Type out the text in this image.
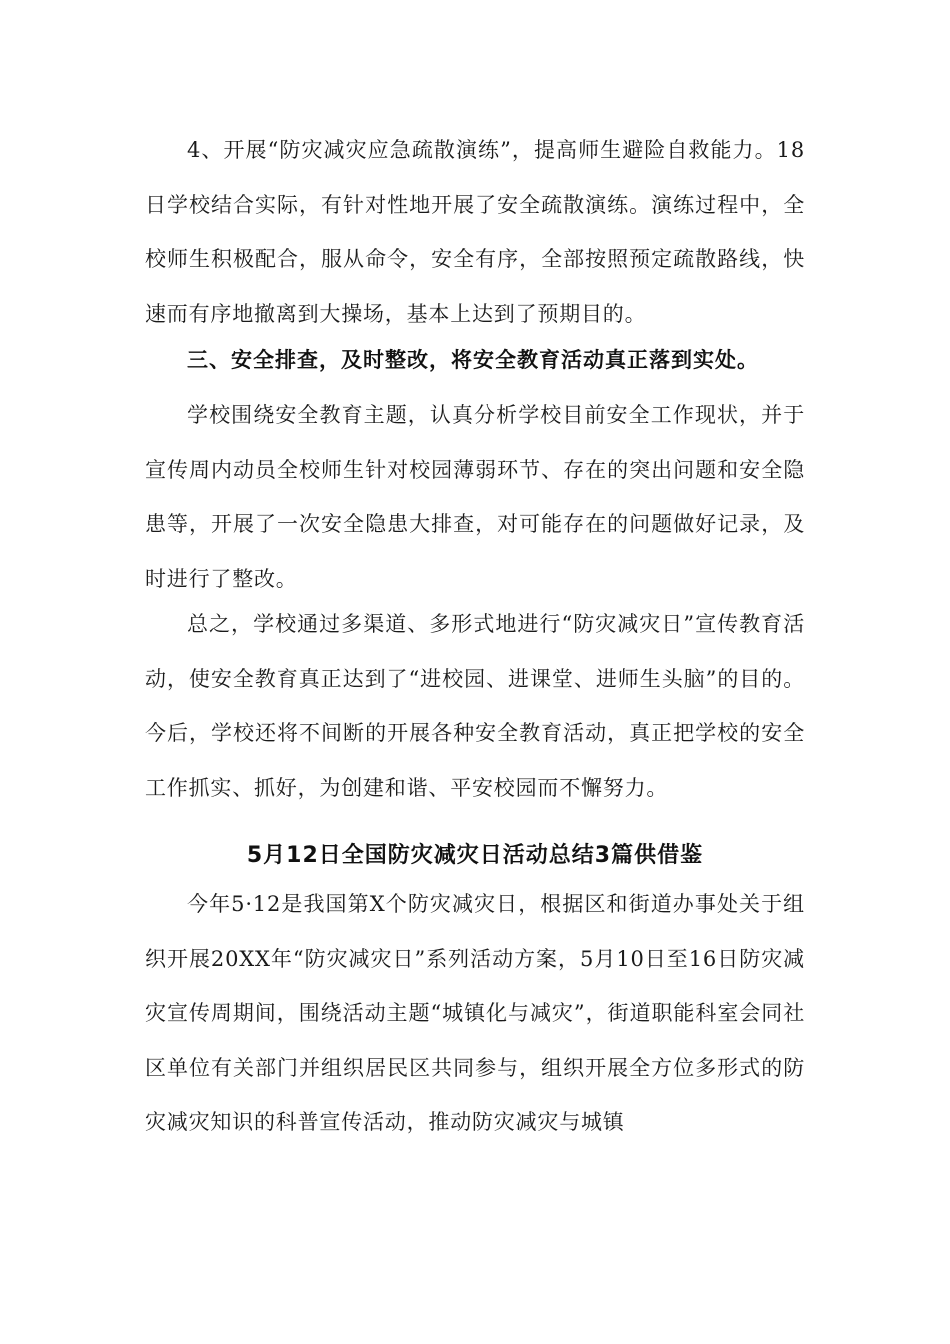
4、开展“防灾减灾应急疏散演练”，提高师生避险自救能力。18日学校结合实际，有针对性地开展了安全疏散演练。演练过程中，全校师生积极配合，服从命令，安全有序，全部按照预定疏散路线，快速而有序地撤离到大操场，基本上达到了预期目的。

三、安全排查，及时整改，将安全教育活动真正落到实处。

学校围绕安全教育主题，认真分析学校目前安全工作现状，并于宣传周内动员全校师生针对校园薄弱环节、存在的突出问题和安全隐患等，开展了一次安全隐患大排查，对可能存在的问题做好记录，及时进行了整改。

总之，学校通过多渠道、多形式地进行“防灾减灾日”宣传教育活动，使安全教育真正达到了“进校园、进课堂、进师生头脑”的目的。今后，学校还将不间断的开展各种安全教育活动，真正把学校的安全工作抓实、抓好，为创建和谐、平安校园而不懈努力。

5月12日全国防灾减灾日活动总结3篇供借鉴

今年5·12是我国第X个防灾减灾日，根据区和街道办事处关于组织开展20XX年“防灾减灾日”系列活动方案，5月10日至16日防灾减灾宣传周期间，围绕活动主题“城镇化与减灾”，街道职能科室会同社区单位有关部门并组织居民区共同参与，组织开展全方位多形式的防灾减灾知识的科普宣传活动，推动防灾减灾与城镇
